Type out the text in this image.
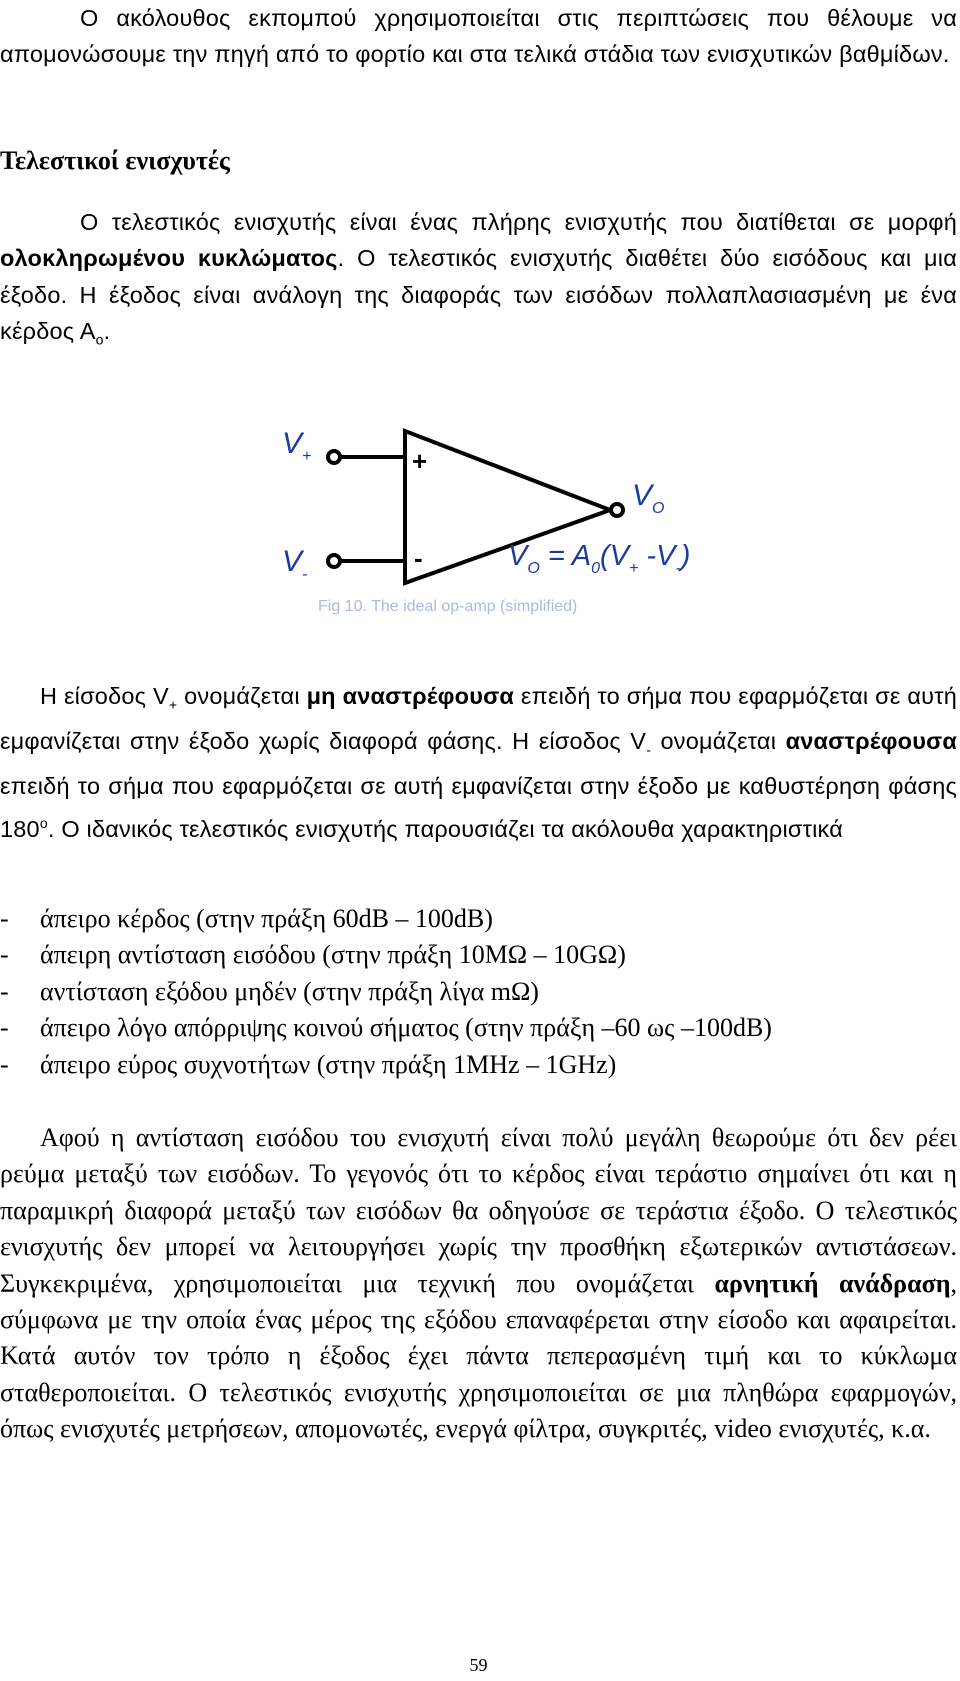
Ο ακόλουθος εκπομπού χρησιμοποιείται στις περιπτώσεις που θέλουμε να απομονώσουμε την πηγή από το φορτίο και στα τελικά στάδια των ενισχυτικών βαθμίδων.

Τελεστικοί ενισχυτές

Ο τελεστικός ενισχυτής είναι ένας πλήρης ενισχυτής που διατίθεται σε μορφή ολοκληρωμένου κυκλώματος. Ο τελεστικός ενισχυτής διαθέτει δύο εισόδους και μια έξοδο. Η έξοδος είναι ανάλογη της διαφοράς των εισόδων πολλαπλασιασμένη με ένα κέρδος $A_o$.

$V_+$
$V_-$
+
-
$V_O$
$V_O = A_0(V_+$ $-V_-$)
Fig 10. The ideal op-amp (simplified)

Η είσοδος $V_+$ ονομάζεται μη αναστρέφουσα επειδή το σήμα που εφαρμόζεται σε αυτή εμφανίζεται στην έξοδο χωρίς διαφορά φάσης. Η είσοδος $V_-$ ονομάζεται αναστρέφουσα επειδή το σήμα που εφαρμόζεται σε αυτή εμφανίζεται στην έξοδο με καθυστέρηση φάσης $180^o$. Ο ιδανικός τελεστικός ενισχυτής παρουσιάζει τα ακόλουθα χαρακτηριστικά

- άπειρο κέρδος (στην πράξη 60dB – 100dB)
- άπειρη αντίσταση εισόδου (στην πράξη 10ΜΩ – 10GΩ)
- αντίσταση εξόδου μηδέν (στην πράξη λίγα mΩ)
- άπειρο λόγο απόρριψης κοινού σήματος (στην πράξη –60 ως –100dB)
- άπειρο εύρος συχνοτήτων (στην πράξη 1MHz – 1GHz)

Αφού η αντίσταση εισόδου του ενισχυτή είναι πολύ μεγάλη θεωρούμε ότι δεν ρέει ρεύμα μεταξύ των εισόδων. Το γεγονός ότι το κέρδος είναι τεράστιο σημαίνει ότι και η παραμικρή διαφορά μεταξύ των εισόδων θα οδηγούσε σε τεράστια έξοδο. Ο τελεστικός ενισχυτής δεν μπορεί να λειτουργήσει χωρίς την προσθήκη εξωτερικών αντιστάσεων. Συγκεκριμένα, χρησιμοποιείται μια τεχνική που ονομάζεται αρνητική ανάδραση, σύμφωνα με την οποία ένας μέρος της εξόδου επαναφέρεται στην είσοδο και αφαιρείται. Κατά αυτόν τον τρόπο η έξοδος έχει πάντα πεπερασμένη τιμή και το κύκλωμα σταθεροποιείται. Ο τελεστικός ενισχυτής χρησιμοποιείται σε μια πληθώρα εφαρμογών, όπως ενισχυτές μετρήσεων, απομονωτές, ενεργά φίλτρα, συγκριτές, video ενισχυτές, κ.α.

59
